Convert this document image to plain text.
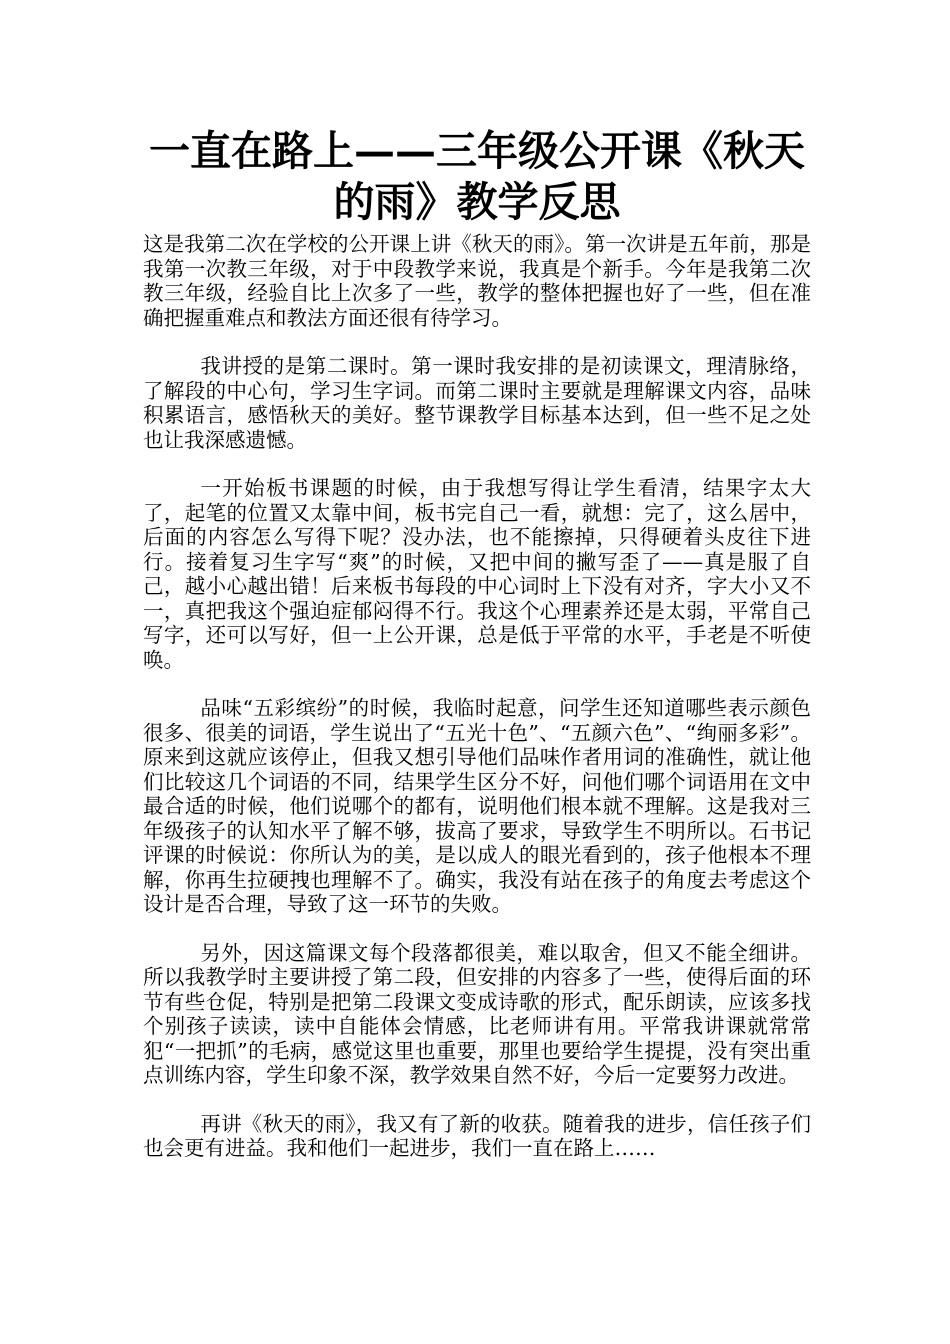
一直在路上——三年级公开课《秋天的雨》教学反思

这是我第二次在学校的公开课上讲《秋天的雨》。第一次讲是五年前，那是我第一次教三年级，对于中段教学来说，我真是个新手。今年是我第二次教三年级，经验自比上次多了一些，教学的整体把握也好了一些，但在准确把握重难点和教法方面还很有待学习。

我讲授的是第二课时。第一课时我安排的是初读课文，理清脉络，了解段的中心句，学习生字词。而第二课时主要就是理解课文内容，品味积累语言，感悟秋天的美好。整节课教学目标基本达到，但一些不足之处也让我深感遗憾。

一开始板书课题的时候，由于我想写得让学生看清，结果字太大了，起笔的位置又太靠中间，板书完自己一看，就想：完了，这么居中，后面的内容怎么写得下呢？没办法，也不能擦掉，只得硬着头皮往下进行。接着复习生字写“爽”的时候，又把中间的撇写歪了——真是服了自己，越小心越出错！后来板书每段的中心词时上下没有对齐，字大小又不一，真把我这个强迫症郁闷得不行。我这个心理素养还是太弱，平常自己写字，还可以写好，但一上公开课，总是低于平常的水平，手老是不听使唤。

品味“五彩缤纷”的时候，我临时起意，问学生还知道哪些表示颜色很多、很美的词语，学生说出了“五光十色”、“五颜六色”、“绚丽多彩”。原来到这就应该停止，但我又想引导他们品味作者用词的准确性，就让他们比较这几个词语的不同，结果学生区分不好，问他们哪个词语用在文中最合适的时候，他们说哪个的都有，说明他们根本就不理解。这是我对三年级孩子的认知水平了解不够，拔高了要求，导致学生不明所以。石书记评课的时候说：你所认为的美，是以成人的眼光看到的，孩子他根本不理解，你再生拉硬拽也理解不了。确实，我没有站在孩子的角度去考虑这个设计是否合理，导致了这一环节的失败。

另外，因这篇课文每个段落都很美，难以取舍，但又不能全细讲。所以我教学时主要讲授了第二段，但安排的内容多了一些，使得后面的环节有些仓促，特别是把第二段课文变成诗歌的形式，配乐朗读，应该多找个别孩子读读，读中自能体会情感，比老师讲有用。平常我讲课就常常犯“一把抓”的毛病，感觉这里也重要，那里也要给学生提提，没有突出重点训练内容，学生印象不深，教学效果自然不好，今后一定要努力改进。

再讲《秋天的雨》，我又有了新的收获。随着我的进步，信任孩子们也会更有进益。我和他们一起进步，我们一直在路上……
